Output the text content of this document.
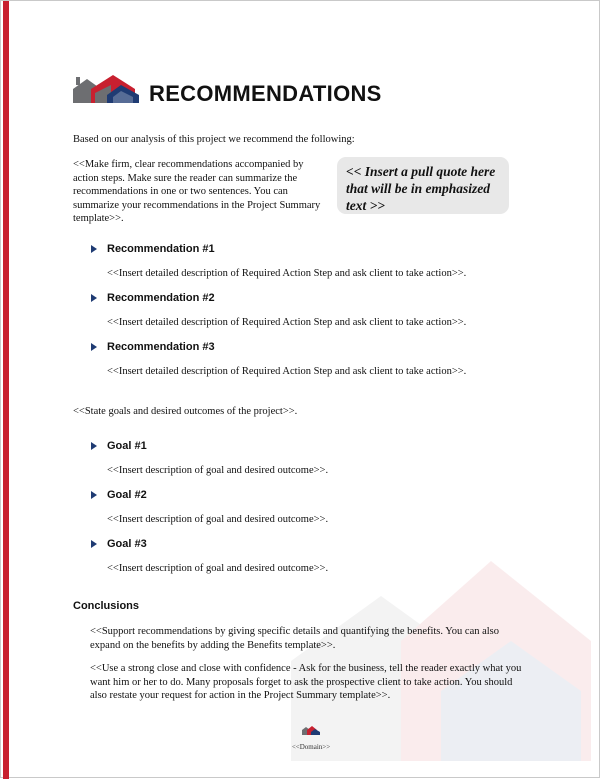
RECOMMENDATIONS

Based on our analysis of this project we recommend the following:

<<Make firm, clear recommendations accompanied by action steps. Make sure the reader can summarize the recommendations in one or two sentences. You can summarize your recommendations in the Project Summary template>>.

<< Insert a pull quote here that will be in emphasized text >>
Recommendation #1

<<Insert detailed description of Required Action Step and ask client to take action>>.

Recommendation #2

<<Insert detailed description of Required Action Step and ask client to take action>>.

Recommendation #3

<<Insert detailed description of Required Action Step and ask client to take action>>.

<<State goals and desired outcomes of the project>>.

Goal #1

<<Insert description of goal and desired outcome>>.

Goal #2

<<Insert description of goal and desired outcome>>.

Goal #3

<<Insert description of goal and desired outcome>>.

Conclusions

<<Support recommendations by giving specific details and quantifying the benefits. You can also expand on the benefits by adding the Benefits template>>.

<<Use a strong close and close with confidence - Ask for the business, tell the reader exactly what you want him or her to do. Many proposals forget to ask the prospective client to take action. You should also restate your request for action in the Project Summary template>>.

<<Domain>>
